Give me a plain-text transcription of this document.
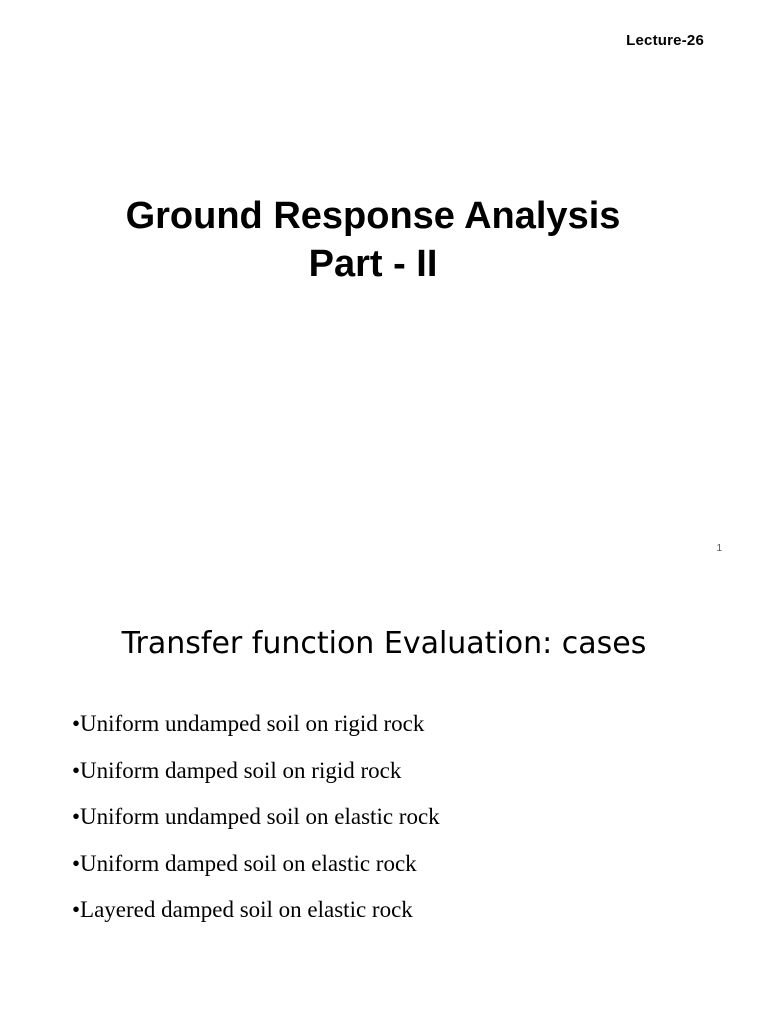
Lecture-26
Ground Response Analysis
Part - II
1
Transfer function Evaluation: cases
•Uniform undamped soil on rigid rock
•Uniform damped soil on rigid rock
•Uniform undamped soil on elastic rock
•Uniform damped soil on elastic rock
•Layered damped soil on elastic rock
